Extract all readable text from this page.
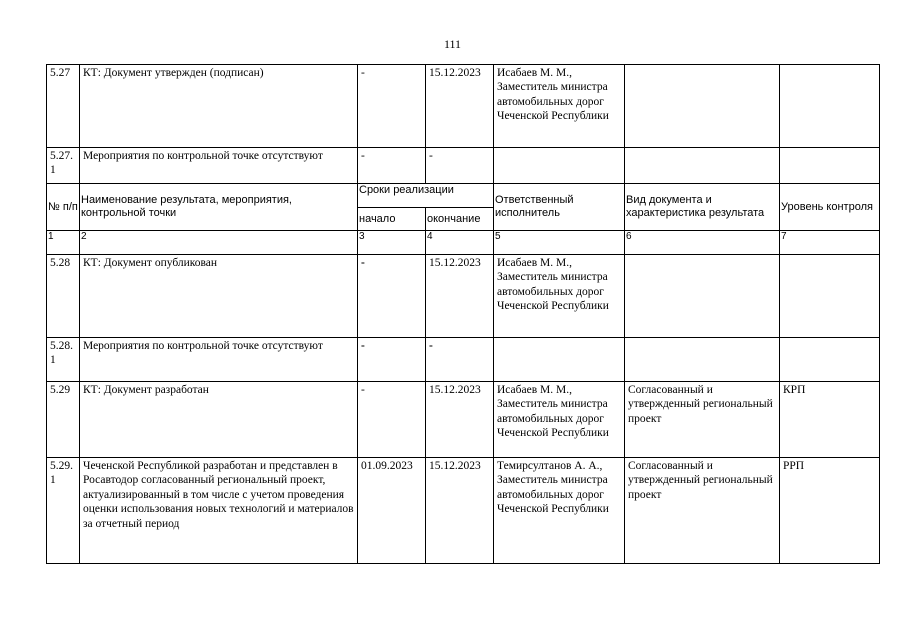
111
5.27	КТ: Документ утвержден (подписан)	-	15.12.2023	Исабаев М. М., Заместитель министра автомобильных дорог Чеченской Республики		
5.27. 1	Мероприятия по контрольной точке отсутствуют	-	-			
№ п/п	Наименование результата, мероприятия, контрольной точки	Сроки реализации		Ответственный исполнитель	Вид документа и характеристика результата	Уровень контроля
		начало	окончание			
1	2	3	4	5	6	7
5.28	КТ: Документ опубликован	-	15.12.2023	Исабаев М. М., Заместитель министра автомобильных дорог Чеченской Республики		
5.28. 1	Мероприятия по контрольной точке отсутствуют	-	-			
5.29	КТ: Документ разработан	-	15.12.2023	Исабаев М. М., Заместитель министра автомобильных дорог Чеченской Республики	Согласованный и утвержденный региональный проект	КРП
5.29. 1	Чеченской Республикой разработан и представлен в Росавтодор согласованный региональный проект, актуализированный в том числе с учетом проведения оценки использования новых технологий и материалов за отчетный период	01.09.2023	15.12.2023	Темирсултанов А. А., Заместитель министра автомобильных дорог Чеченской Республики	Согласованный и утвержденный региональный проект	РРП
